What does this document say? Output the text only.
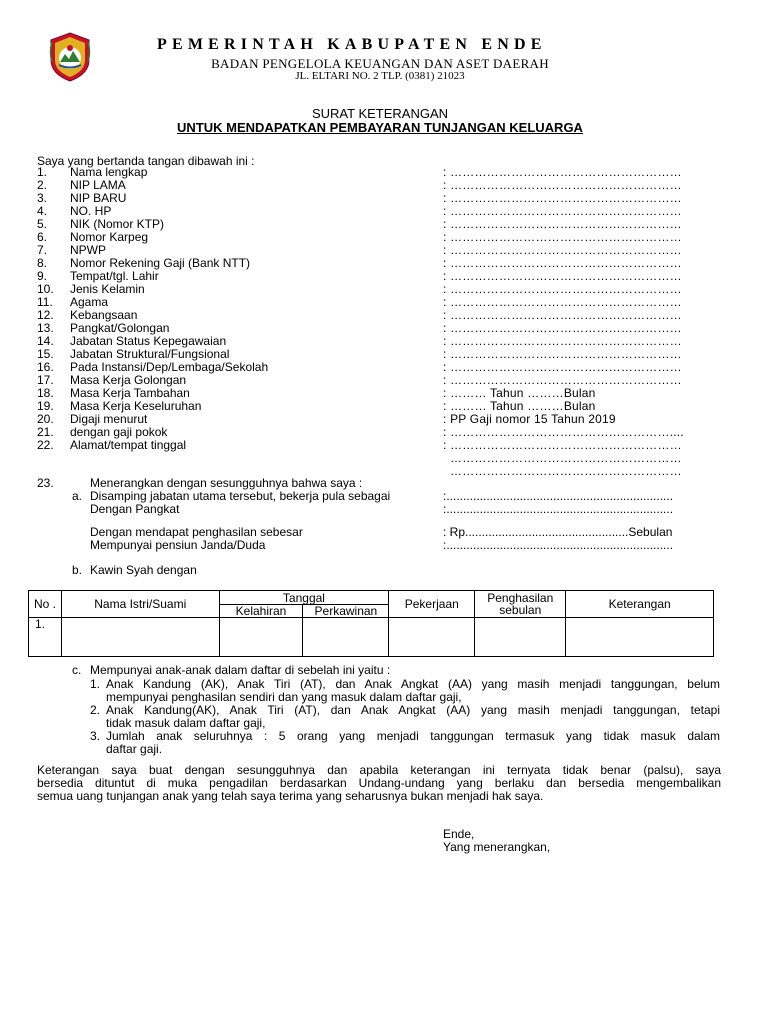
PEMERINTAH KABUPATEN ENDE
BADAN PENGELOLA KEUANGAN DAN ASET DAERAH
JL. ELTARI NO. 2 TLP. (0381) 21023
SURAT KETERANGAN
UNTUK MENDAPATKAN PEMBAYARAN TUNJANGAN KELUARGA
Saya yang bertanda tangan dibawah ini :
1. Nama lengkap	: …………………………………………………
2. NIP LAMA	: …………………………………………………
3. NIP BARU	: …………………………………………………
4. NO. HP	: …………………………………………………
5. NIK (Nomor KTP)	: …………………………………………………
6. Nomor Karpeg	: …………………………………………………
7. NPWP	: …………………………………………………
8. Nomor Rekening Gaji (Bank NTT)	: …………………………………………………
9. Tempat/tgl. Lahir	: …………………………………………………
10. Jenis Kelamin	: …………………………………………………
11. Agama	: …………………………………………………
12. Kebangsaan	: …………………………………………………
13. Pangkat/Golongan	: …………………………………………………
14. Jabatan Status Kepegawaian	: …………………………………………………
15. Jabatan Struktural/Fungsional	: …………………………………………………
16. Pada Instansi/Dep/Lembaga/Sekolah	: …………………………………………………
17. Masa Kerja Golongan	: …………………………………………………
18. Masa Kerja Tambahan	: ……… Tahun ………Bulan
19. Masa Kerja Keseluruhan	: ……… Tahun ………Bulan
20. Digaji menurut	: PP Gaji nomor 15 Tahun 2019
21. dengan gaji pokok	: ………………………………………………....
22. Alamat/tempat tinggal	: …………………………………………………
…………………………………………………
…………………………………………………
23.	Menerangkan dengan sesungguhnya bahwa saya :
a. Disamping jabatan utama tersebut, bekerja pula sebagai	:....................................................................
Dengan Pangkat	:....................................................................
Dengan mendapat penghasilan sebesar	: Rp.................................................Sebulan
Mempunyai pensiun Janda/Duda	:....................................................................
b. Kawin Syah dengan
No .	Nama Istri/Suami	Tanggal		Pekerjaan	Penghasilan sebulan	Keterangan
		Kelahiran	Perkawinan			
1.						
c. Mempunyai anak-anak dalam daftar di sebelah ini yaitu :
1. Anak Kandung (AK), Anak Tiri (AT), dan Anak Angkat (AA) yang masih menjadi tanggungan, belum
mempunyai penghasilan sendiri dan yang masuk dalam daftar gaji,
2. Anak Kandung(AK), Anak Tiri (AT), dan Anak Angkat (AA) yang masih menjadi tanggungan, tetapi
tidak masuk dalam daftar gaji,
3. Jumlah anak seluruhnya : 5 orang yang menjadi tanggungan termasuk yang tidak masuk dalam
daftar gaji.
Keterangan saya buat dengan sesungguhnya dan apabila keterangan ini ternyata tidak benar (palsu), saya
bersedia dituntut di muka pengadilan berdasarkan Undang-undang yang berlaku dan bersedia mengembalikan
semua uang tunjangan anak yang telah saya terima yang seharusnya bukan menjadi hak saya.
Ende,
Yang menerangkan,
